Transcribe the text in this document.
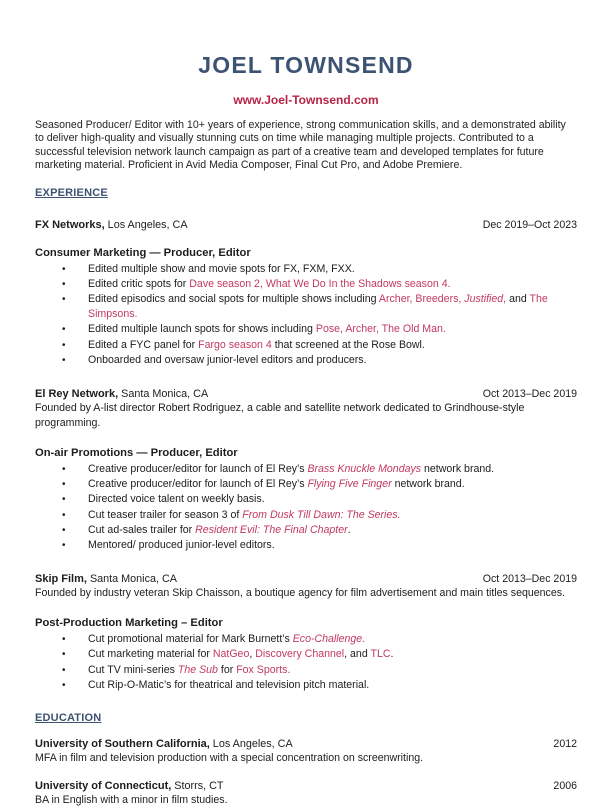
JOEL TOWNSEND
www.Joel-Townsend.com

Seasoned Producer/ Editor with 10+ years of experience, strong communication skills, and a demonstrated ability to deliver high-quality and visually stunning cuts on time while managing multiple projects. Contributed to a successful television network launch campaign as part of a creative team and developed templates for future marketing material. Proficient in Avid Media Composer, Final Cut Pro, and Adobe Premiere.

EXPERIENCE
FX Networks, Los Angeles, CA	Dec 2019–Oct 2023
Consumer Marketing — Producer, Editor
• Edited multiple show and movie spots for FX, FXM, FXX.
• Edited critic spots for Dave season 2, What We Do In the Shadows season 4.
• Edited episodics and social spots for multiple shows including Archer, Breeders, Justified, and The Simpsons.
• Edited multiple launch spots for shows including Pose, Archer, The Old Man.
• Edited a FYC panel for Fargo season 4 that screened at the Rose Bowl.
• Onboarded and oversaw junior-level editors and producers.
El Rey Network, Santa Monica, CA	Oct 2013–Dec 2019
Founded by A-list director Robert Rodriguez, a cable and satellite network dedicated to Grindhouse-style programming.
On-air Promotions — Producer, Editor
• Creative producer/editor for launch of El Rey’s Brass Knuckle Mondays network brand.
• Creative producer/editor for launch of El Rey’s Flying Five Finger network brand.
• Directed voice talent on weekly basis.
• Cut teaser trailer for season 3 of From Dusk Till Dawn: The Series.
• Cut ad-sales trailer for Resident Evil: The Final Chapter.
• Mentored/ produced junior-level editors.
Skip Film, Santa Monica, CA	Oct 2013–Dec 2019
Founded by industry veteran Skip Chaisson, a boutique agency for film advertisement and main titles sequences.
Post-Production Marketing – Editor
• Cut promotional material for Mark Burnett’s Eco-Challenge.
• Cut marketing material for NatGeo, Discovery Channel, and TLC.
• Cut TV mini-series The Sub for Fox Sports.
• Cut Rip-O-Matic’s for theatrical and television pitch material.
EDUCATION
University of Southern California, Los Angeles, CA	2012
MFA in film and television production with a special concentration on screenwriting.
University of Connecticut, Storrs, CT	2006
BA in English with a minor in film studies.
